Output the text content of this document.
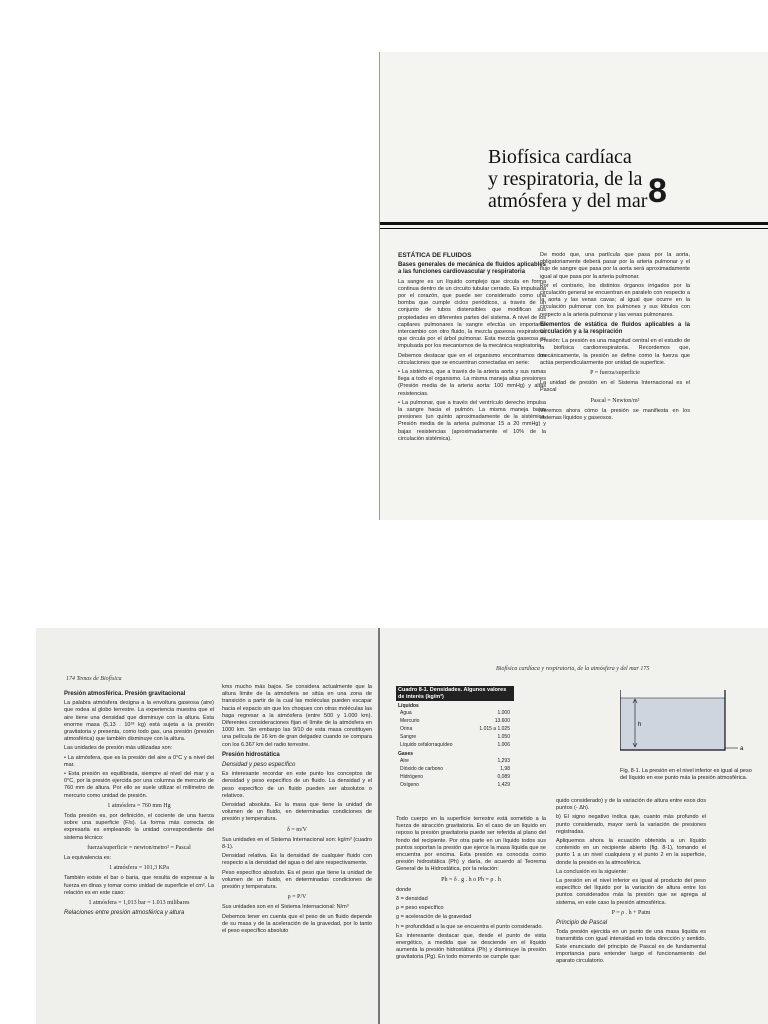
Biofísica cardíaca
y respiratoria, de la
atmósfera y del mar 8
ESTÁTICA DE FLUIDOS
Bases generales de mecánica de fluidos aplicables a las funciones cardiovascular y respiratoria

La sangre es un líquido complejo que circula en forma continua dentro de un circuito tubular cerrado. Es impulsada por el corazón, que puede ser considerado como una bomba que cumple ciclos periódicos, a través de un conjunto de tubos distensibles que modifican sus propiedades en diferentes partes del sistema. A nivel de los capilares pulmonares la sangre efectúa un importante intercambio con otro fluido, la mezcla gaseosa respiratoria, que circula por el árbol pulmonar. Esta mezcla gaseosa es impulsada por los mecanismos de la mecánica respiratoria.

Debemos destacar que en el organismo encontramos dos circulaciones que se encuentran conectadas en serie:

• La sistémica, que a través de la arteria aorta y sus ramas llega a todo el organismo. La misma maneja altas presiones (Presión media de la arteria aorta: 100 mmHg) y altas resistencias.

• La pulmonar, que a través del ventrículo derecho impulsa la sangre hacia el pulmón. La misma maneja bajas presiones (un quinto aproximadamente de la sistémica. Presión media de la arteria pulmonar 15 a 20 mmHg) y bajas resistencias (aproximadamente el 10% de la circulación sistémica).

De modo que, una partícula que pasa por la aorta, obligatoriamente deberá pasar por la arteria pulmonar y el flujo de sangre que pasa por la aorta será aproximadamente igual al que pasa por la arteria pulmonar.

Por el contrario, los distintos órganos irrigados por la circulación general se encuentran en paralelo con respecto a la aorta y las venas cavas; al igual que ocurre en la circulación pulmonar con los pulmones y sus lóbulos con respecto a la arteria pulmonar y las venas pulmonares.

Elementos de estática de fluidos aplicables a la circulación y a la respiración

Presión: La presión es una magnitud central en el estudio de la biofísica cardiorrespiratoria. Recordemos que, mecánicamente, la presión se define como la fuerza que actúa perpendicularmente por unidad de superficie.

P = fuerza/superficie

La unidad de presión en el Sistema Internacional es el Pascal

Pascal = Newton/m²

Veremos ahora cómo la presión se manifiesta en los sistemas líquidos y gaseosos.

174 Temas de Biofísica
Presión atmosférica. Presión gravitacional

La palabra atmósfera designa a la envoltura gaseosa (aire) que rodea al globo terrestre. La experiencia muestra que el aire tiene una densidad que disminuye con la altura. Esta enorme masa (5,13 . 10¹⁸ kg) está sujeta a la presión gravitatoria y presenta, como todo gas, una presión (presión atmosférica) que también disminuye con la altura.

Las unidades de presión más utilizadas son:

• La atmósfera, que es la presión del aire a 0°C y a nivel del mar.

• Esta presión es equilibrada, siempre al nivel del mar y a 0°C, por la presión ejercida por una columna de mercurio de 760 mm de altura. Por ello se suele utilizar el milímetro de mercurio como unidad de presión.

1 atmósfera = 760 mm Hg

Toda presión es, por definición, el cociente de una fuerza sobre una superficie (F/s). La forma más correcta de expresarla es empleando la unidad correspondiente del sistema técnico:

fuerza/superficie = newton/metro² = Pascal

La equivalencia es:

1 atmósfera = 101,3 KPa

También existe el bar o baria, que resulta de expresar a la fuerza en dinas y tomar como unidad de superficie el cm². La relación es en este caso:

1 atmósfera = 1,013 bar = 1.013 milibares
Relaciones entre presión atmosférica y altura

kms mucho más bajos. Se considera actualmente que la altura límite de la atmósfera se sitúa en una zona de transición a partir de la cual las moléculas pueden escapar hacia el espacio sin que los choques con otras moléculas las haga regresar a la atmósfera (entre 500 y 1.000 km). Diferentes consideraciones fijan el límite de la atmósfera en 1000 km. Sin embargo las 9/10 de esta masa constituyen una película de 16 km de gran delgadez cuando se compara con los 6.367 km del radio terrestre.

Presión hidrostática
Densidad y peso específico

Es interesante recordar en este punto los conceptos de densidad y peso específico de un fluido. La densidad y el peso específico de un fluido pueden ser absolutos o relativos.

Densidad absoluta. Es la masa que tiene la unidad de volumen de un fluido, en determinadas condiciones de presión y temperatura.

δ = m/V

Sus unidades en el Sistema Internacional son: kg/m³ (cuadro 8-1).

Densidad relativa. Es la densidad de cualquier fluido con respecto a la densidad del agua o del aire respectivamente.

Peso específico absoluto. Es el peso que tiene la unidad de volumen de un fluido, en determinadas condiciones de presión y temperatura.

ρ = P/V

Sus unidades son en el Sistema Internacional: N/m³

Debemos tener en cuenta que el peso de un fluido depende de su masa y de la aceleración de la gravedad, por lo tanto el peso específico absoluto

Biofísica cardíaca y respiratoria, de la atmósfera y del mar 175
Cuadro 8-1. Densidades. Algunos valores de interés (kg/m³)
Líquidos
Agua	1.000
Mercurio	13.600
Orina	1.015 a 1.025
Sangre	1.050
Líquido cefalorraquídeo	1.006
Gases
Aire	1,293
Dióxido de carbono	1,98
Hidrógeno	0,089
Oxígeno	1,429
h
a
Fig. 8-1. La presión en el nivel inferior es igual al peso del líquido en ese punto más la presión atmosférica.

Todo cuerpo en la superficie terrestre está sometido a la fuerza de atracción gravitatoria. En el caso de un líquido en reposo la presión gravitatoria puede ser referida al plano del fondo del recipiente. Por otra parte en un líquido todos sus puntos soportan la presión que ejerce la masa líquida que se encuentra por encima. Esta presión es conocida como presión hidrostática (Ph) y daría, de acuerdo al Teorema General de la Hidrostática, por la relación:

Ph = δ . g . h o Ph = ρ . h

donde

δ = densidad

ρ = peso específico

g = aceleración de la gravedad

h = profundidad a la que se encuentra el punto considerado.

Es interesante destacar que, desde el punto de vista energético, a medida que se desciende en el líquido aumenta la presión hidrostática (Ph) y disminuye la presión gravitatoria (Pg). En todo momento se cumple que:

quido considerado) y de la variación de altura entre esos dos puntos (- Δh).

b) El signo negativo indica que, cuanto más profundo el punto considerado, mayor será la variación de presiones registradas.

Apliquemos ahora la ecuación obtenida a un líquido contenido en un recipiente abierto (fig. 8-1), tomando el punto 1 a un nivel cualquiera y el punto 2 en la superficie, donde la presión es la atmosférica.

La conclusión es la siguiente:

La presión en el nivel inferior es igual al producto del peso específico del líquido por la variación de altura entre los puntos considerados más la presión que se agrega al sistema, en este caso la presión atmosférica.

P = ρ . h + Patm
Principio de Pascal

Toda presión ejercida en un punto de una masa líquida es transmitida con igual intensidad en toda dirección y sentido. Este enunciado del principio de Pascal es de fundamental importancia para entender luego el funcionamiento del aparato circulatorio.
